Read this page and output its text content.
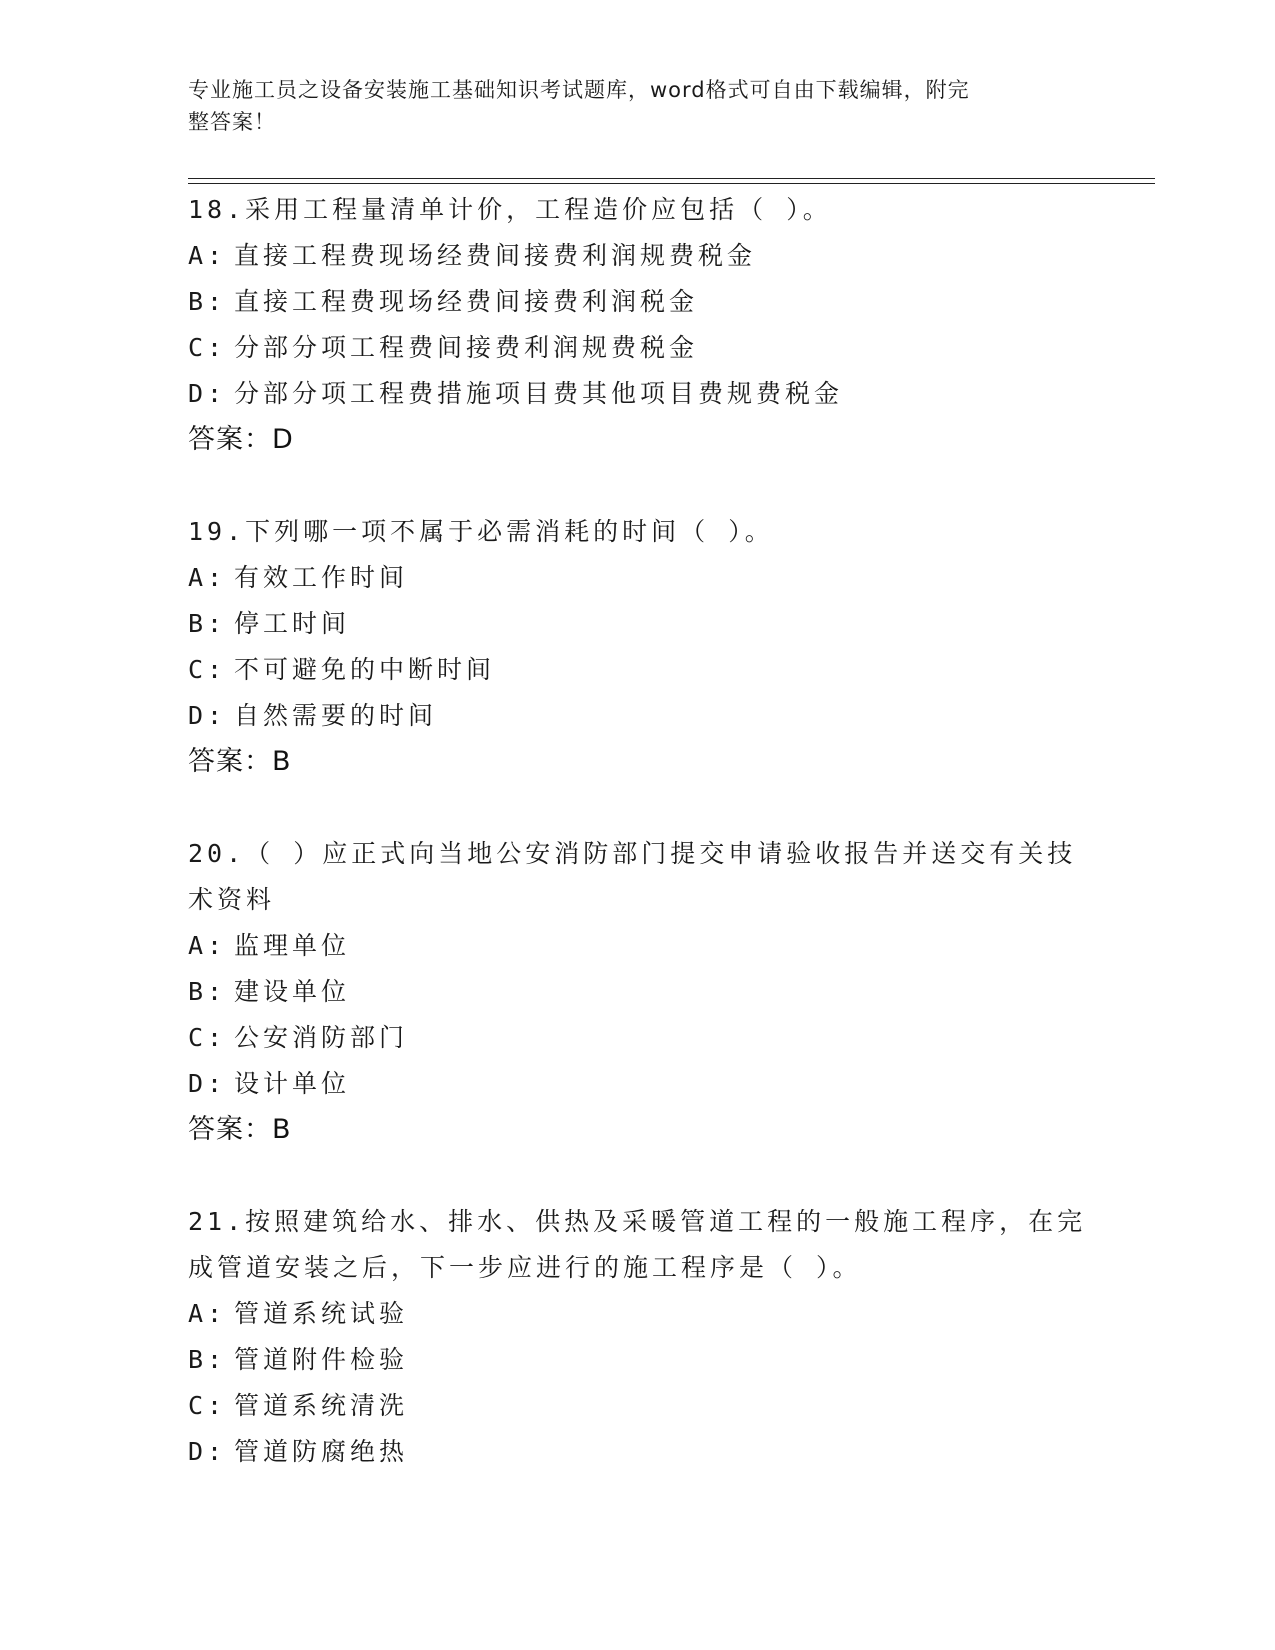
专业施工员之设备安装施工基础知识考试题库，word格式可自由下载编辑，附完
整答案！
18.采用工程量清单计价，工程造价应包括（ ）。
A: 直接工程费现场经费间接费利润规费税金
B: 直接工程费现场经费间接费利润税金
C: 分部分项工程费间接费利润规费税金
D: 分部分项工程费措施项目费其他项目费规费税金
答案：D
19.下列哪一项不属于必需消耗的时间（ ）。
A: 有效工作时间
B: 停工时间
C: 不可避免的中断时间
D: 自然需要的时间
答案：B
20.（ ）应正式向当地公安消防部门提交申请验收报告并送交有关技
术资料
A: 监理单位
B: 建设单位
C: 公安消防部门
D: 设计单位
答案：B
21.按照建筑给水、排水、供热及采暖管道工程的一般施工程序，在完
成管道安装之后，下一步应进行的施工程序是（ ）。
A: 管道系统试验
B: 管道附件检验
C: 管道系统清洗
D: 管道防腐绝热
